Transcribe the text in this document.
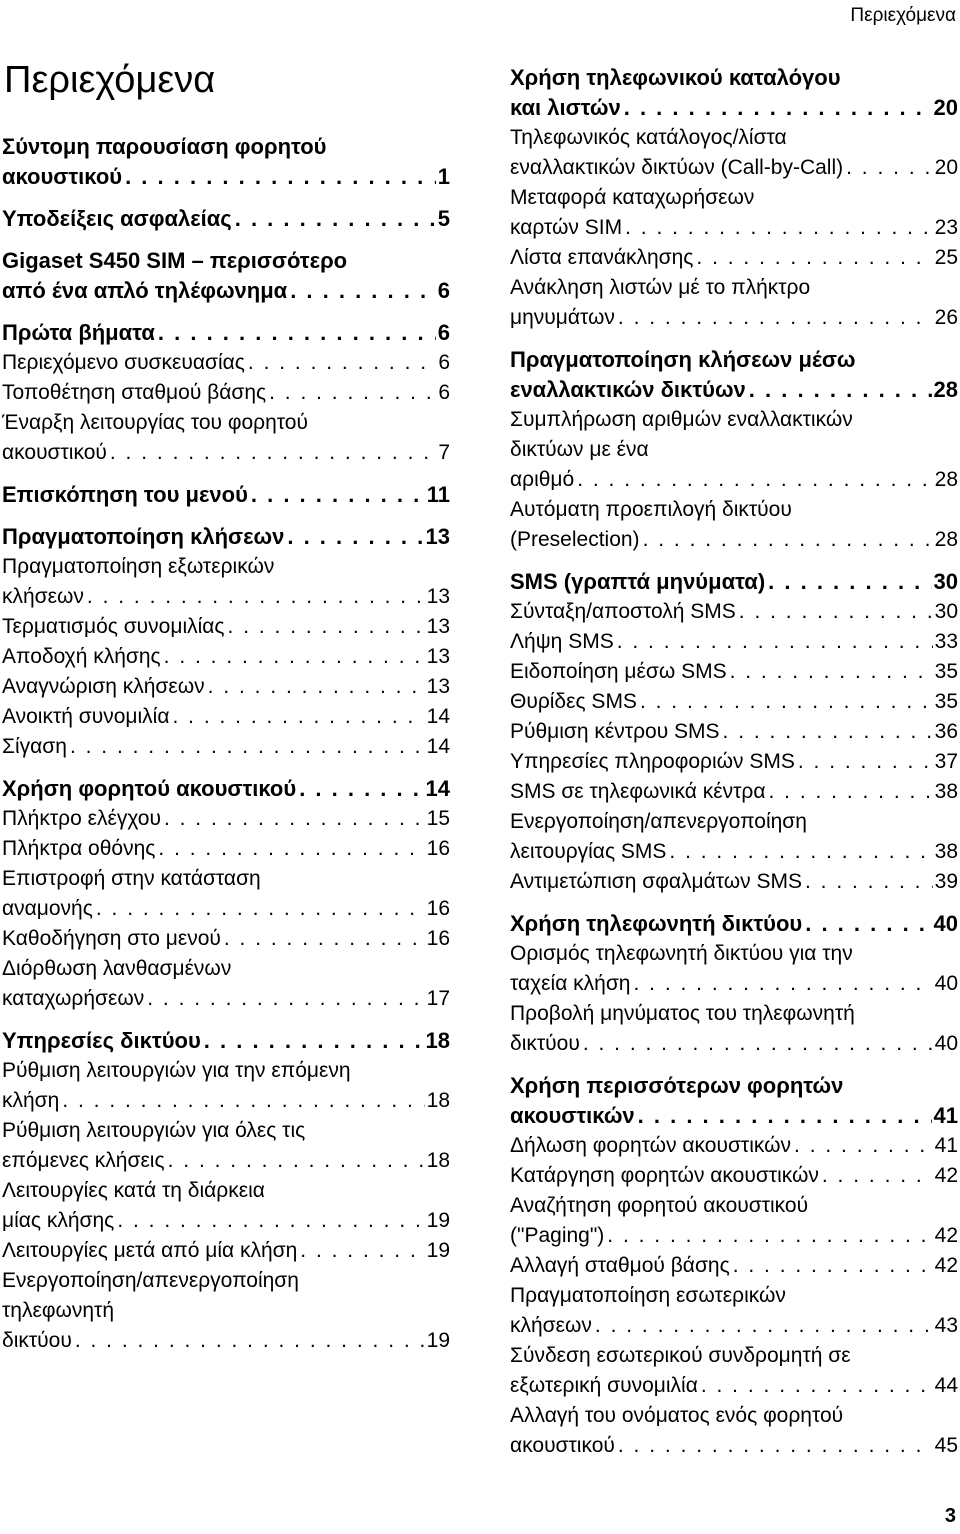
Περιεχόμενα
Περιεχόμενα
Σύντομη παρουσίαση φορητού
ακουστικού . . .	1
Υποδείξεις ασφαλείας . . .	5
Gigaset S450 SIM – περισσότερο
από ένα απλό τηλέφωνημα . . .	6
Πρώτα βήματα . . .	6
Περιεχόμενο συσκευασίας . . .	6
Τοποθέτηση σταθμού βάσης . . .	6
Έναρξη λειτουργίας του φορητού
ακουστικού . . .	7
Επισκόπηση του μενού . . .	11
Πραγματοποίηση κλήσεων . . .	13
Πραγματοποίηση εξωτερικών
κλήσεων . . .	13
Τερματισμός συνομιλίας . . .	13
Αποδοχή κλήσης . . .	13
Αναγνώριση κλήσεων . . .	13
Ανοικτή συνομιλία . . .	14
Σίγαση . . .	14
Χρήση φορητού ακουστικού . . .	14
Πλήκτρο ελέγχου . . .	15
Πλήκτρα οθόνης . . .	16
Επιστροφή στην κατάσταση
αναμονής . . .	16
Καθοδήγηση στο μενού . . .	16
Διόρθωση λανθασμένων
καταχωρήσεων . . .	17
Υπηρεσίες δικτύου . . .	18
Ρύθμιση λειτουργιών για την επόμενη
κλήση . . .	18
Ρύθμιση λειτουργιών για όλες τις
επόμενες κλήσεις . . .	18
Λειτουργίες κατά τη διάρκεια
μίας κλήσης . . .	19
Λειτουργίες μετά από μία κλήση . . .	19
Ενεργοποίηση/απενεργοποίηση
τηλεφωνητή
δικτύου . . .	19
Χρήση τηλεφωνικού καταλόγου
και λιστών . . .	20
Τηλεφωνικός κατάλογος/λίστα
εναλλακτικών δικτύων (Call-by-Call) . . .	20
Μεταφορά καταχωρήσεων
καρτών SIM . . .	23
Λίστα επανάκλησης . . .	25
Ανάκληση λιστών μέ το πλήκτρο
μηνυμάτων . . .	26
Πραγματοποίηση κλήσεων μέσω
εναλλακτικών δικτύων . . .	28
Συμπλήρωση αριθμών εναλλακτικών
δικτύων με ένα
αριθμό . . .	28
Αυτόματη προεπιλογή δικτύου
(Preselection) . . .	28
SMS (γραπτά μηνύματα) . . .	30
Σύνταξη/αποστολή SMS . . .	30
Λήψη SMS . . .	33
Ειδοποίηση μέσω SMS . . .	35
Θυρίδες SMS . . .	35
Ρύθμιση κέντρου SMS . . .	36
Υπηρεσίες πληροφοριών SMS . . .	37
SMS σε τηλεφωνικά κέντρα . . .	38
Ενεργοποίηση/απενεργοποίηση
λειτουργίας SMS . . .	38
Αντιμετώπιση σφαλμάτων SMS . . .	39
Χρήση τηλεφωνητή δικτύου . . .	40
Ορισμός τηλεφωνητή δικτύου για την
ταχεία κλήση . . .	40
Προβολή μηνύματος του τηλεφωνητή
δικτύου . . .	40
Χρήση περισσότερων φορητών
ακουστικών . . .	41
Δήλωση φορητών ακουστικών . . .	41
Κατάργηση φορητών ακουστικών . . .	42
Αναζήτηση φορητού ακουστικού
("Paging") . . .	42
Αλλαγή σταθμού βάσης . . .	42
Πραγματοποίηση εσωτερικών
κλήσεων . . .	43
Σύνδεση εσωτερικού συνδρομητή σε
εξωτερική συνομιλία . . .	44
Αλλαγή του ονόματος ενός φορητού
ακουστικού . . .	45
3
